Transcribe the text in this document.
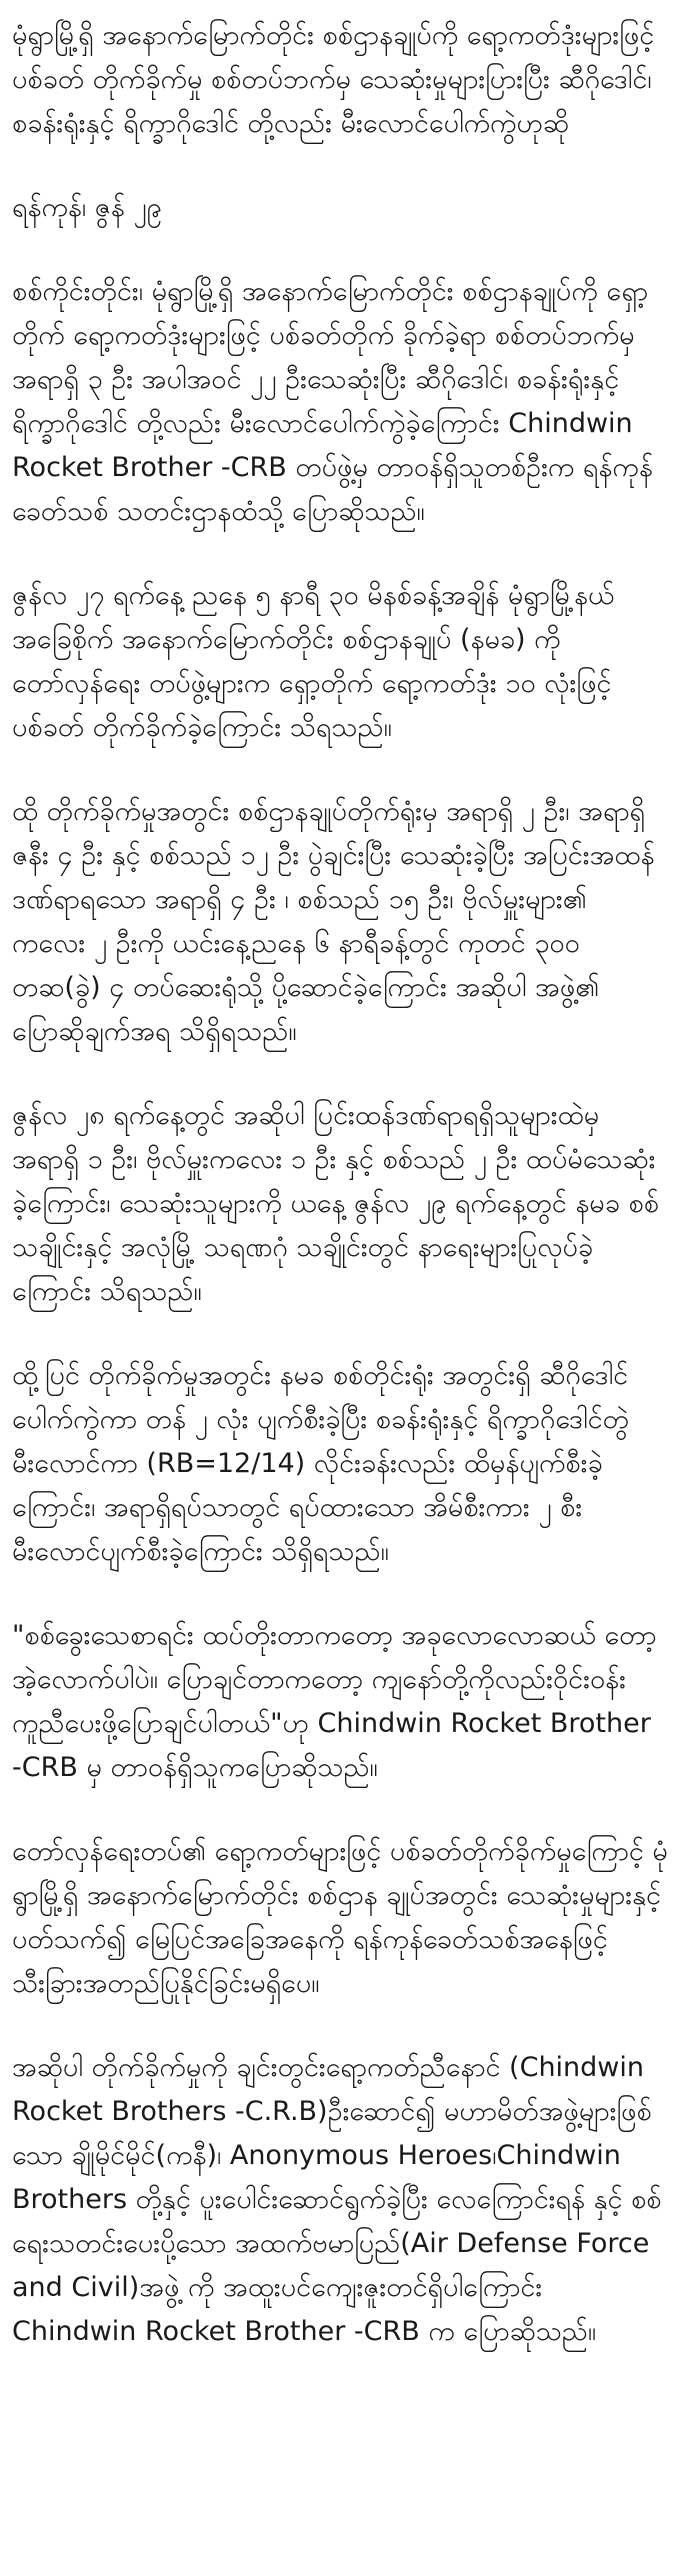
မုံရွာမြို့ရှိ အနောက်မြောက်တိုင်း စစ်ဌာနချုပ်ကို ရော့ကတ်ဒုံးများဖြင့် ပစ်ခတ် တိုက်ခိုက်မှု စစ်တပ်ဘက်မှ သေဆုံးမှုများပြားပြီး ဆီဂိုဒေါင်၊ စခန်းရုံးနှင့် ရိက္ခာဂိုဒေါင် တို့လည်း မီးလောင်ပေါက်ကွဲဟုဆို
ရန်ကုန်၊ ဇွန် ၂၉
စစ်ကိုင်းတိုင်း၊ မုံရွာမြို့ရှိ အနောက်မြောက်တိုင်း စစ်ဌာနချုပ်ကို ရှော့တိုက် ရော့ကတ်ဒုံးများဖြင့် ပစ်ခတ်တိုက် ခိုက်ခဲ့ရာ စစ်တပ်ဘက်မှ အရာရှိ ၃ ဦး အပါအဝင် ၂၂ ဦးသေဆုံးပြီး ဆီဂိုဒေါင်၊ စခန်းရုံးနှင့် ရိက္ခာဂိုဒေါင် တို့လည်း မီးလောင်ပေါက်ကွဲခဲ့ကြောင်း Chindwin Rocket Brother -CRB တပ်ဖွဲ့မှ တာဝန်ရှိသူတစ်ဦးက ရန်ကုန်ခေတ်သစ် သတင်းဌာနထံသို့ ပြောဆိုသည်။
ဇွန်လ ၂၇ ရက်နေ့ ညနေ ၅ နာရီ ၃၀ မိနစ်ခန့်အချိန် မုံရွာမြို့နယ် အခြေစိုက် အနောက်မြောက်တိုင်း စစ်ဌာနချုပ် (နမခ) ကို တော်လှန်ရေး တပ်ဖွဲ့များက ရှော့တိုက် ရော့ကတ်ဒုံး ၁၀ လုံးဖြင့် ပစ်ခတ် တိုက်ခိုက်ခဲ့ကြောင်း သိရသည်။
ထို တိုက်ခိုက်မှုအတွင်း စစ်ဌာနချုပ်တိုက်ရုံးမှ အရာရှိ ၂ ဦး၊ အရာရှိ ဇနီး ၄ ဦး နှင့် စစ်သည် ၁၂ ဦး ပွဲချင်းပြီး သေဆုံးခဲ့ပြီး အပြင်းအထန်ဒဏ်ရာရသော အရာရှိ ၄ ဦး ၊ စစ်သည် ၁၅ ဦး၊ ဗိုလ်မှူးများ၏ ကလေး ၂ ဦးကို ယင်းနေ့ညနေ ၆ နာရီခန့်တွင် ကုတင် ၃၀၀ တဆ(ခွဲ) ၄ တပ်ဆေးရုံသို့ ပို့ဆောင်ခဲ့ကြောင်း အဆိုပါ အဖွဲ့၏ ပြောဆိုချက်အရ သိရှိရသည်။
ဇွန်လ ၂၈ ရက်နေ့တွင် အဆိုပါ ပြင်းထန်ဒဏ်ရာရရှိသူများထဲမှ အရာရှိ ၁ ဦး၊ ဗိုလ်မှူးကလေး ၁ ဦး နှင့် စစ်သည် ၂ ဦး ထပ်မံသေဆုံးခဲ့ကြောင်း၊ သေဆုံးသူများကို ယနေ့ ဇွန်လ ၂၉ ရက်နေ့တွင် နမခ စစ်သချိုင်းနှင့် အလုံမြို့ သရဏဂုံ သချိုင်းတွင် နာရေးများပြုလုပ်ခဲ့ကြောင်း သိရသည်။
ထို့ပြင် တိုက်ခိုက်မှုအတွင်း နမခ စစ်တိုင်းရုံး အတွင်းရှိ ဆီဂိုဒေါင် ပေါက်ကွဲကာ တန် ၂ လုံး ပျက်စီးခဲ့ပြီး စခန်းရုံးနှင့် ရိက္ခာဂိုဒေါင်တွဲမီးလောင်ကာ (RB=12/14) လိုင်းခန်းလည်း ထိမှန်ပျက်စီးခဲ့ကြောင်း၊ အရာရှိရပ်သာတွင် ရပ်ထားသော အိမ်စီးကား ၂ စီး မီးလောင်ပျက်စီးခဲ့ကြောင်း သိရှိရသည်။
"စစ်ခွေးသေစာရင်း ထပ်တိုးတာကတော့ အခုလောလောဆယ် တော့ အဲ့လောက်ပါပဲ။ ပြောချင်တာကတော့ ကျနော်တို့ကိုလည်းဝိုင်းဝန်းကူညီပေးဖို့ပြောချင်ပါတယ်"ဟု Chindwin Rocket Brother -CRB မှ တာဝန်ရှိသူကပြောဆိုသည်။
တော်လှန်ရေးတပ်၏ ရော့ကတ်များဖြင့် ပစ်ခတ်တိုက်ခိုက်မှုကြောင့် မုံရွာမြို့ရှိ အနောက်မြောက်တိုင်း စစ်ဌာန ချုပ်အတွင်း သေဆုံးမှုများနှင့်ပတ်သက်၍ မြေပြင်အခြေအနေကို ရန်ကုန်ခေတ်သစ်အနေဖြင့် သီးခြားအတည်ပြုနိုင်ခြင်းမရှိပေ။
အဆိုပါ တိုက်ခိုက်မှုကို ချင်းတွင်းရော့ကတ်ညီနောင် (Chindwin Rocket Brothers -C.R.B)ဦးဆောင်၍ မဟာမိတ်အဖွဲ့များဖြစ်သော ချိုမိုင်မိုင်(ကနီ)၊ Anonymous Heroes၊Chindwin Brothers တို့နှင့် ပူးပေါင်းဆောင်ရွက်ခဲ့ပြီး လေကြောင်းရန် နှင့် စစ်ရေးသတင်းပေးပို့သော အထက်ဗမာပြည်(Air Defense Force and Civil)အဖွဲ့ ကို အထူးပင်ကျေးဇူးတင်ရှိပါကြောင်း Chindwin Rocket Brother -CRB က ပြောဆိုသည်။
